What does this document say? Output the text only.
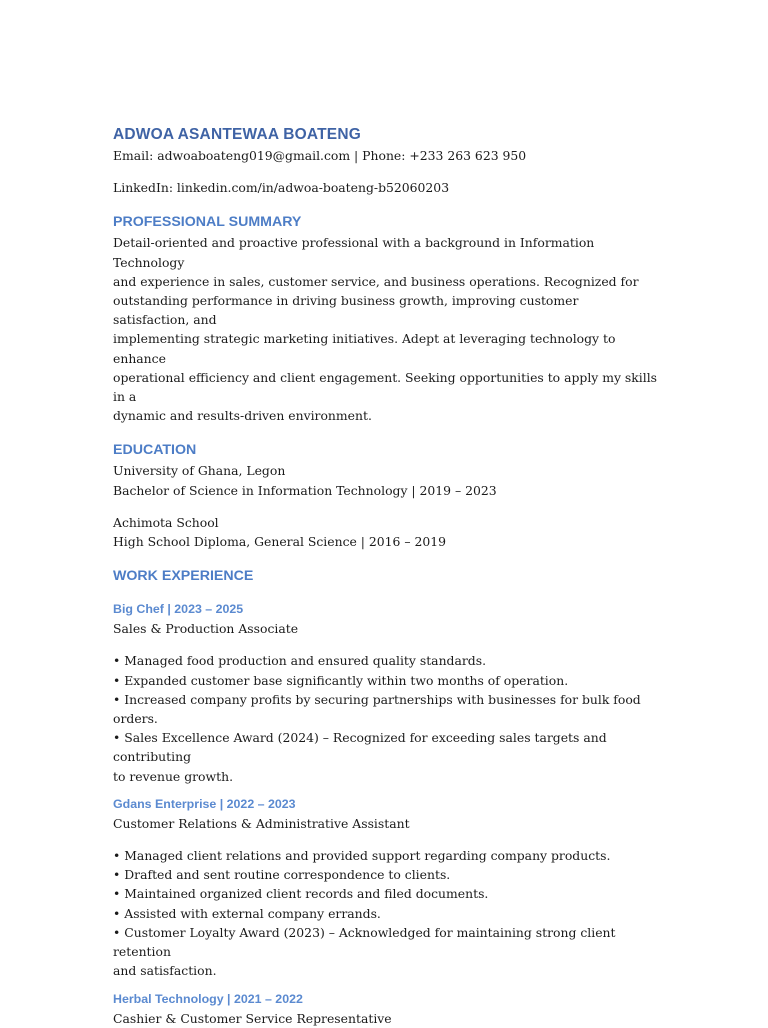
ADWOA ASANTEWAA BOATENG
Email: adwoaboateng019@gmail.com | Phone: +233 263 623 950
LinkedIn: linkedin.com/in/adwoa-boateng-b52060203
PROFESSIONAL SUMMARY
Detail-oriented and proactive professional with a background in Information Technology
and experience in sales, customer service, and business operations. Recognized for
outstanding performance in driving business growth, improving customer satisfaction, and
implementing strategic marketing initiatives. Adept at leveraging technology to enhance
operational efficiency and client engagement. Seeking opportunities to apply my skills in a
dynamic and results-driven environment.
EDUCATION
University of Ghana, Legon
Bachelor of Science in Information Technology | 2019 – 2023
Achimota School
High School Diploma, General Science | 2016 – 2019
WORK EXPERIENCE
Big Chef | 2023 – 2025
Sales & Production Associate
• Managed food production and ensured quality standards.
• Expanded customer base significantly within two months of operation.
• Increased company profits by securing partnerships with businesses for bulk food orders.
• Sales Excellence Award (2024) – Recognized for exceeding sales targets and contributing
to revenue growth.
Gdans Enterprise | 2022 – 2023
Customer Relations & Administrative Assistant
• Managed client relations and provided support regarding company products.
• Drafted and sent routine correspondence to clients.
• Maintained organized client records and filed documents.
• Assisted with external company errands.
• Customer Loyalty Award (2023) – Acknowledged for maintaining strong client retention
and satisfaction.
Herbal Technology | 2021 – 2022
Cashier & Customer Service Representative
